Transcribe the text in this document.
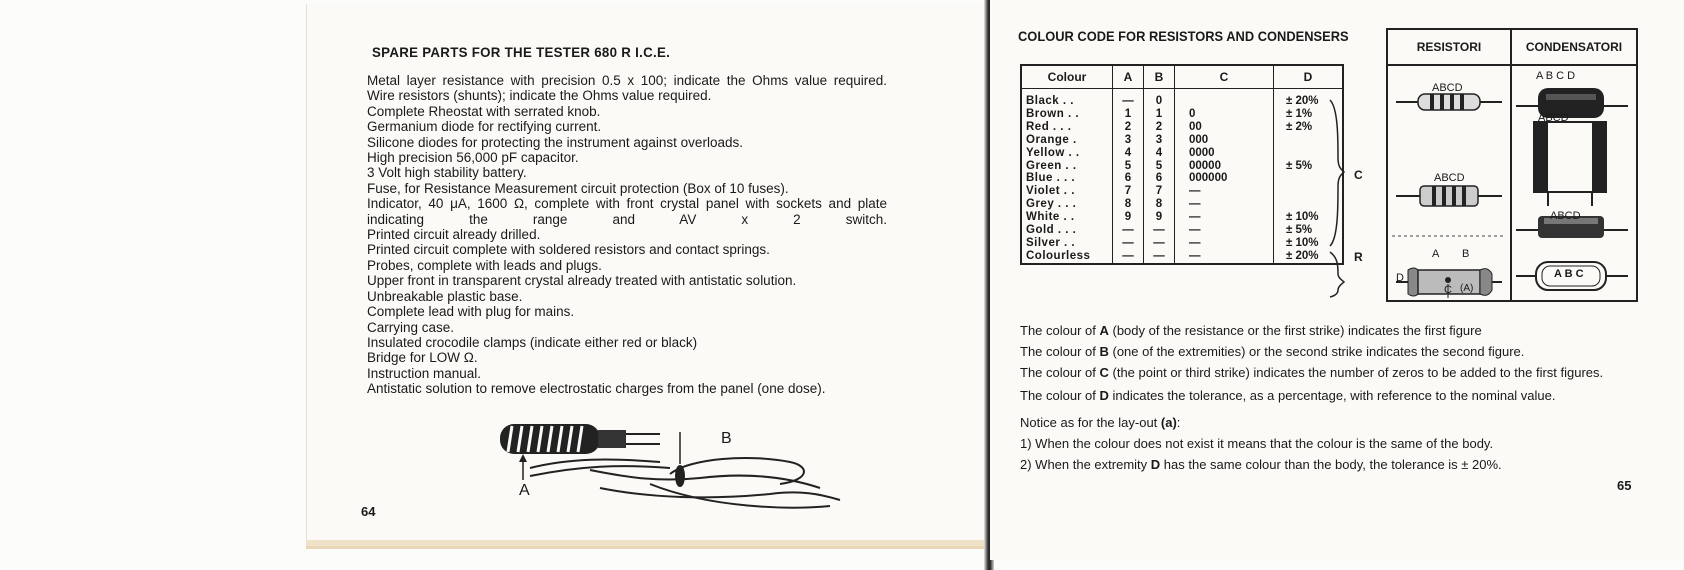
SPARE PARTS FOR THE TESTER 680 R I.C.E.
Metal layer resistance with precision 0.5 x 100; indicate the Ohms value required.
Wire resistors (shunts); indicate the Ohms value required.
Complete Rheostat with serrated knob.
Germanium diode for rectifying current.
Silicone diodes for protecting the instrument against overloads.
High precision 56,000 pF capacitor.
3 Volt high stability battery.
Fuse, for Resistance Measurement circuit protection (Box of 10 fuses).
Indicator, 40 μA, 1600 Ω, complete with front crystal panel with sockets and plate indicating the range and AV x 2 switch.
Printed circuit already drilled.
Printed circuit complete with soldered resistors and contact springs.
Probes, complete with leads and plugs.
Upper front in transparent crystal already treated with antistatic solution.
Unbreakable plastic base.
Complete lead with plug for mains.
Carrying case.
Insulated crocodile clamps (indicate either red or black)
Bridge for LOW Ω.
Instruction manual.
Antistatic solution to remove electrostatic charges from the panel (one dose).
A
B
64
COLOUR CODE FOR RESISTORS AND CONDENSERS
Colour	A	B	C	D
Black . .	—	0		± 20%
Brown . .	1	1	0	± 1%
Red . . .	2	2	00	± 2%
Orange .	3	3	000	
Yellow . .	4	4	0000	
Green . .	5	5	00000	± 5%
Blue . . .	6	6	000000	
Violet . .	7	7	—	
Grey . . .	8	8	—	
White . .	9	9	—	± 10%
Gold . . .	—	—	—	± 5%
Silver . .	—	—	—	± 10%
Colourless	—	—	—	± 20%
C
R
RESISTORI	CONDENSATORI
ABCD
ABCD
A B
D
C (A)
A B C D
ABCD
ABCD
A B C

The colour of A (body of the resistance or the first strike) indicates the first figure

The colour of B (one of the extremities) or the second strike indicates the second figure.

The colour of C (the point or third strike) indicates the number of zeros to be added to the first figures.

The colour of D indicates the tolerance, as a percentage, with reference to the nominal value.

Notice as for the lay-out (a):

1) When the colour does not exist it means that the colour is the same of the body.

2) When the extremity D has the same colour than the body, the tolerance is ± 20%.

65
